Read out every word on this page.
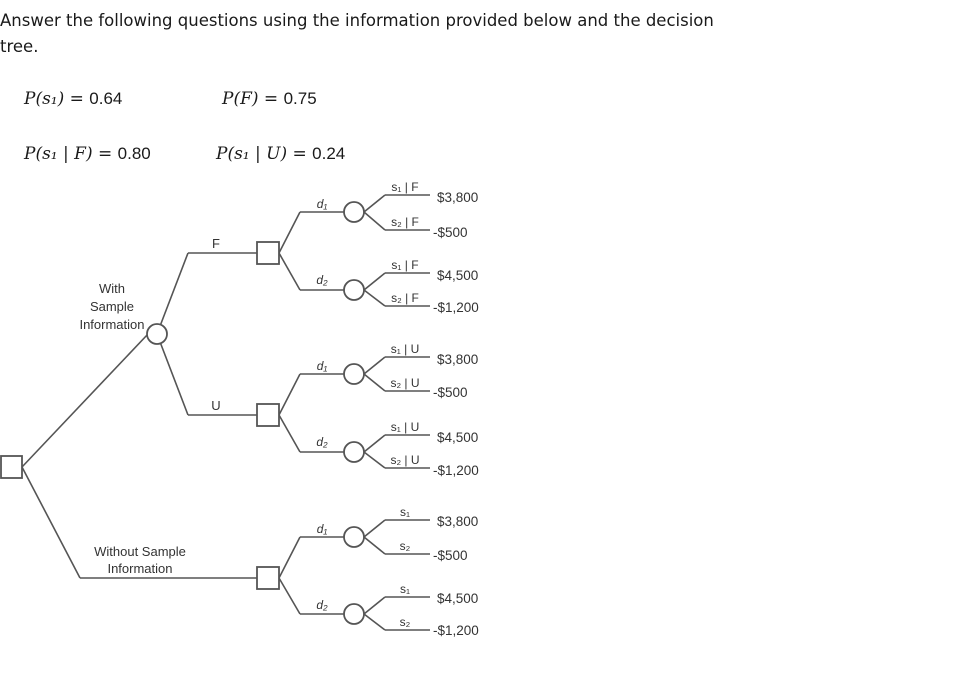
Answer the following questions using the information provided below and the decision tree.
P(s₁) = 0.64	P(F) = 0.75
P(s₁ | F) = 0.80	P(s₁ | U) = 0.24
With
Sample
Information
Without Sample
Information
F
U
d₁
d₂
d₁
d₂
d₁
d₂
s₁ | F
s₂ | F
s₁ | F
s₂ | F
s₁ | U
s₂ | U
s₁ | U
s₂ | U
s₁
s₂
s₁
s₂
$3,800
-$500
$4,500
-$1,200
$3,800
-$500
$4,500
-$1,200
$3,800
-$500
$4,500
-$1,200
